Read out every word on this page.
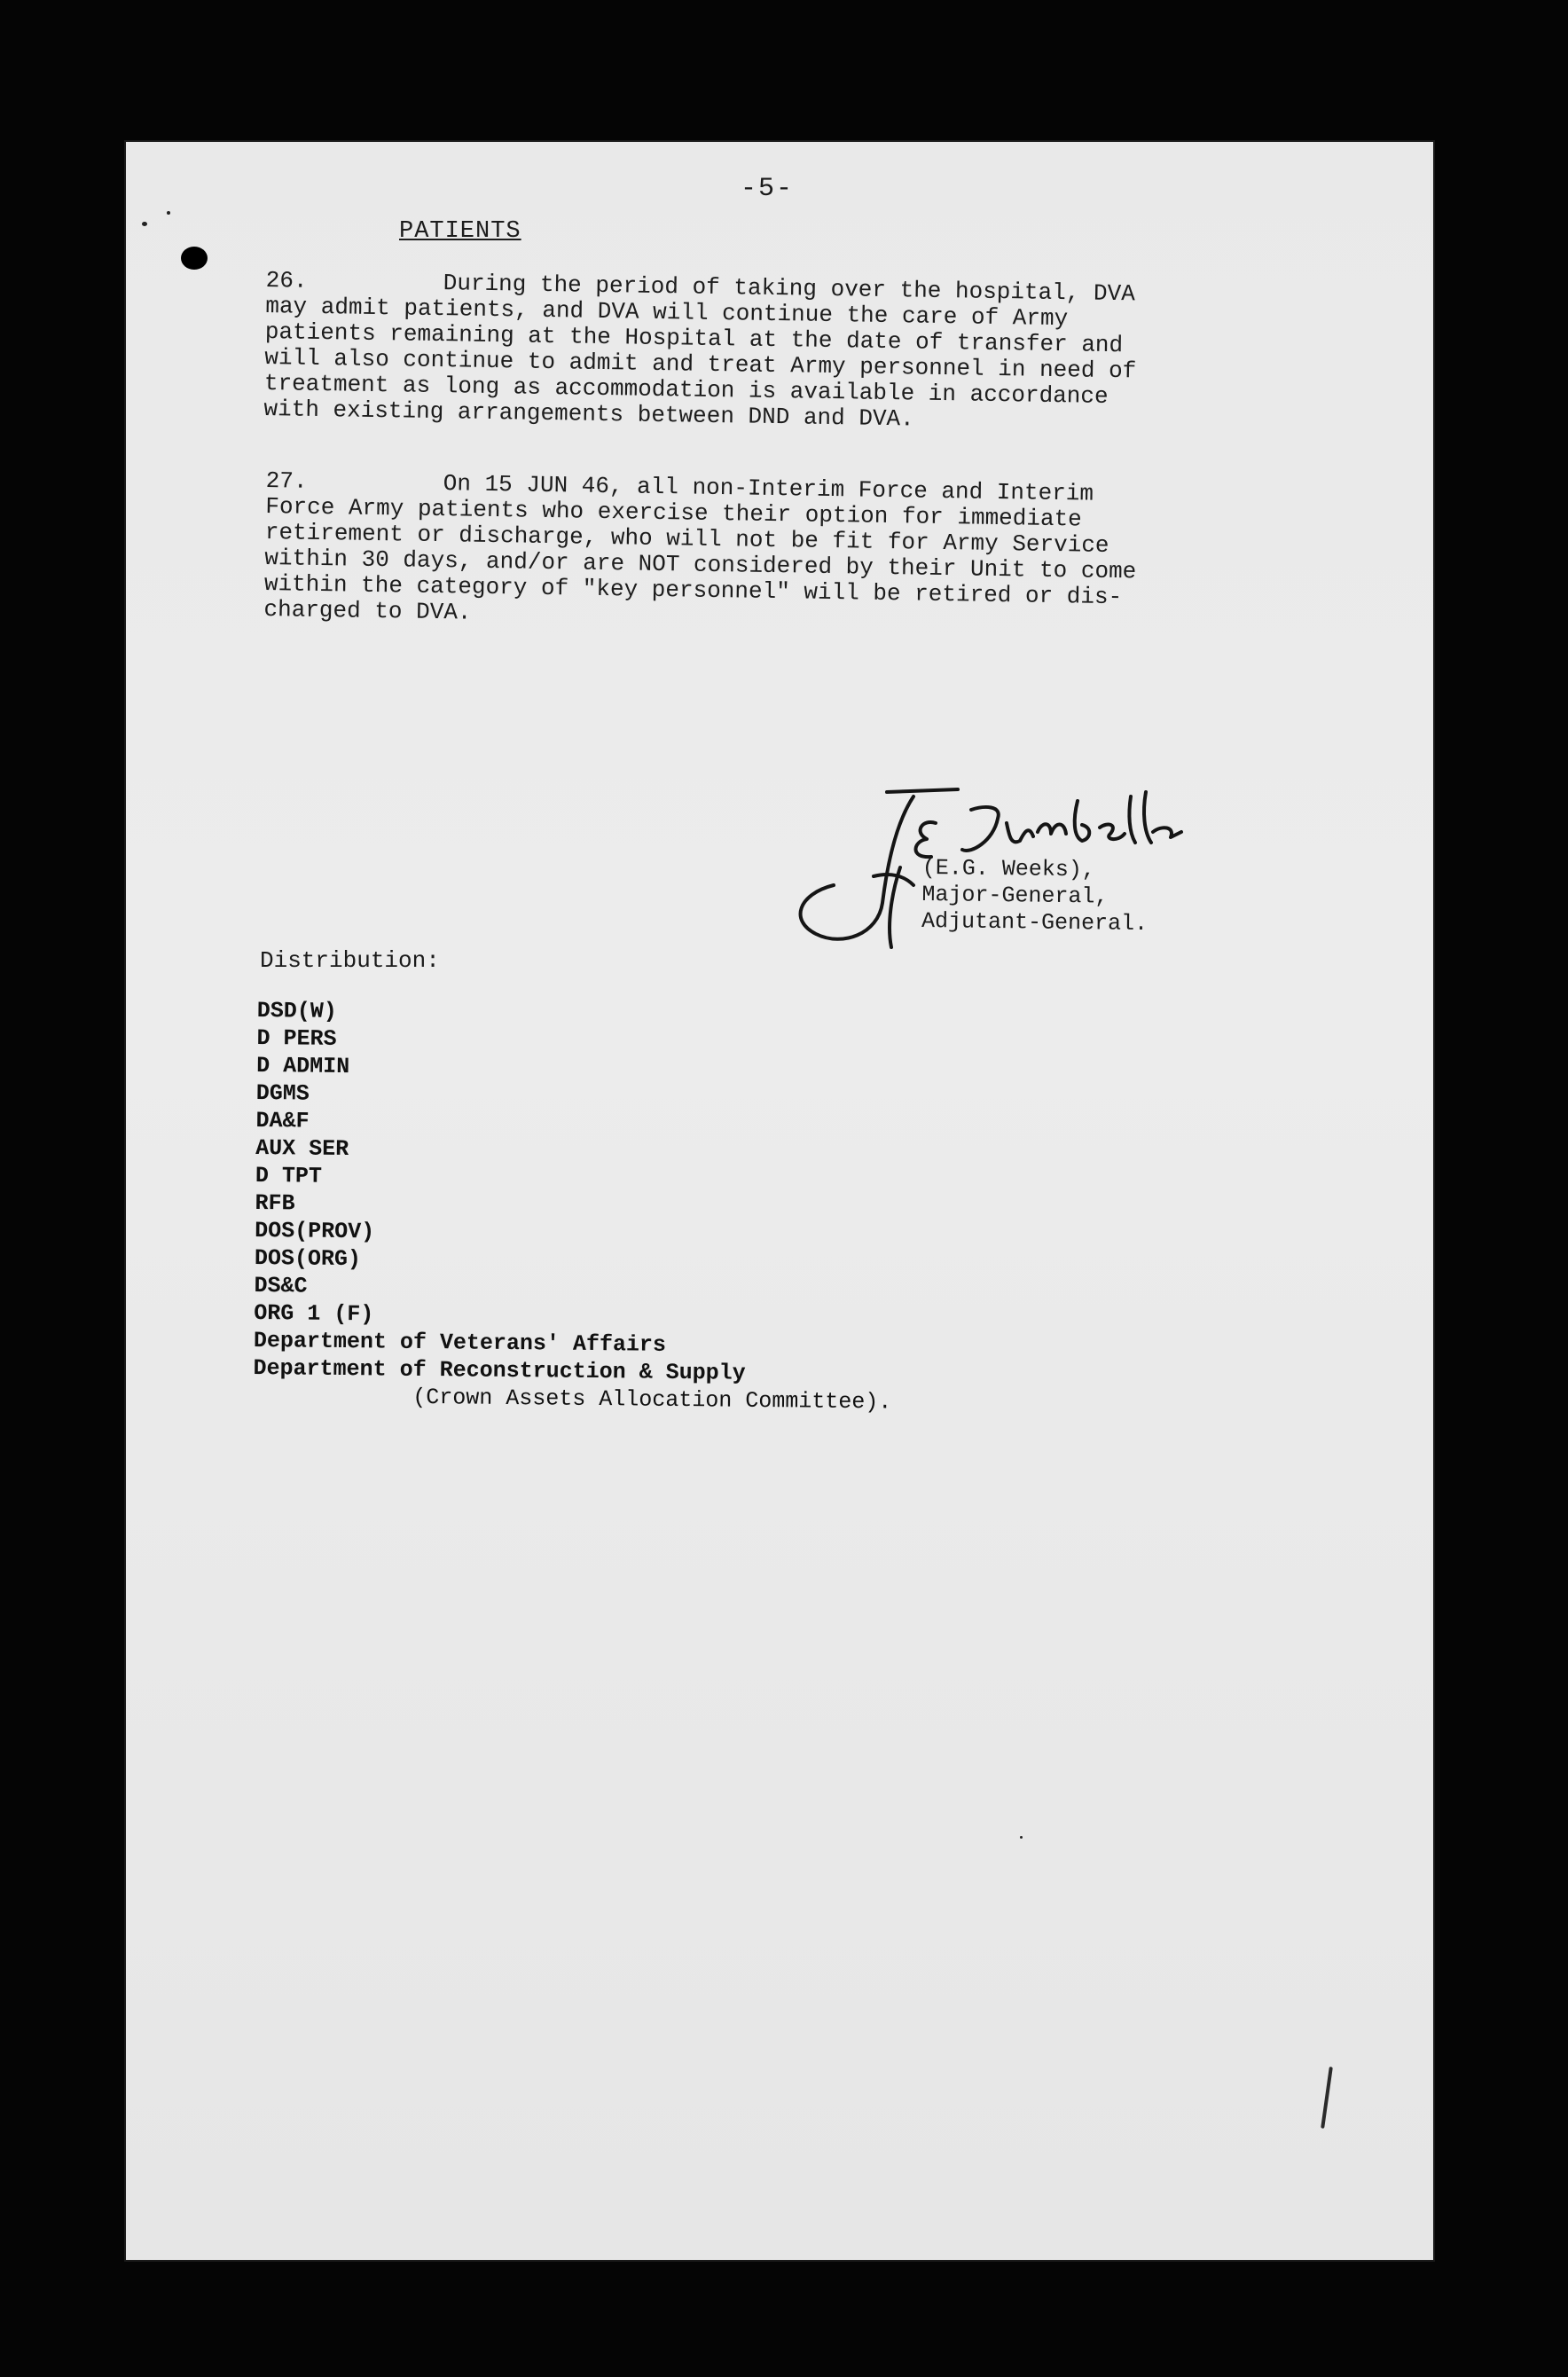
-5-
PATIENTS
26.	During the period of taking over the hospital, DVA
may admit patients, and DVA will continue the care of Army
patients remaining at the Hospital at the date of transfer and
will also continue to admit and treat Army personnel in need of
treatment as long as accommodation is available in accordance
with existing arrangements between DND and DVA.
27.	On 15 JUN 46, all non-Interim Force and Interim
Force Army patients who exercise their option for immediate
retirement or discharge, who will not be fit for Army Service
within 30 days, and/or are NOT considered by their Unit to come
within the category of "key personnel" will be retired or dis-
charged to DVA.
(E.G. Weeks),
Major-General,
Adjutant-General.
Distribution:
DSD(W)
D PERS
D ADMIN
DGMS
DA&F
AUX SER
D TPT
RFB
DOS(PROV)
DOS(ORG)
DS&C
ORG 1 (F)
Department of Veterans' Affairs
Department of Reconstruction & Supply
(Crown Assets Allocation Committee).
